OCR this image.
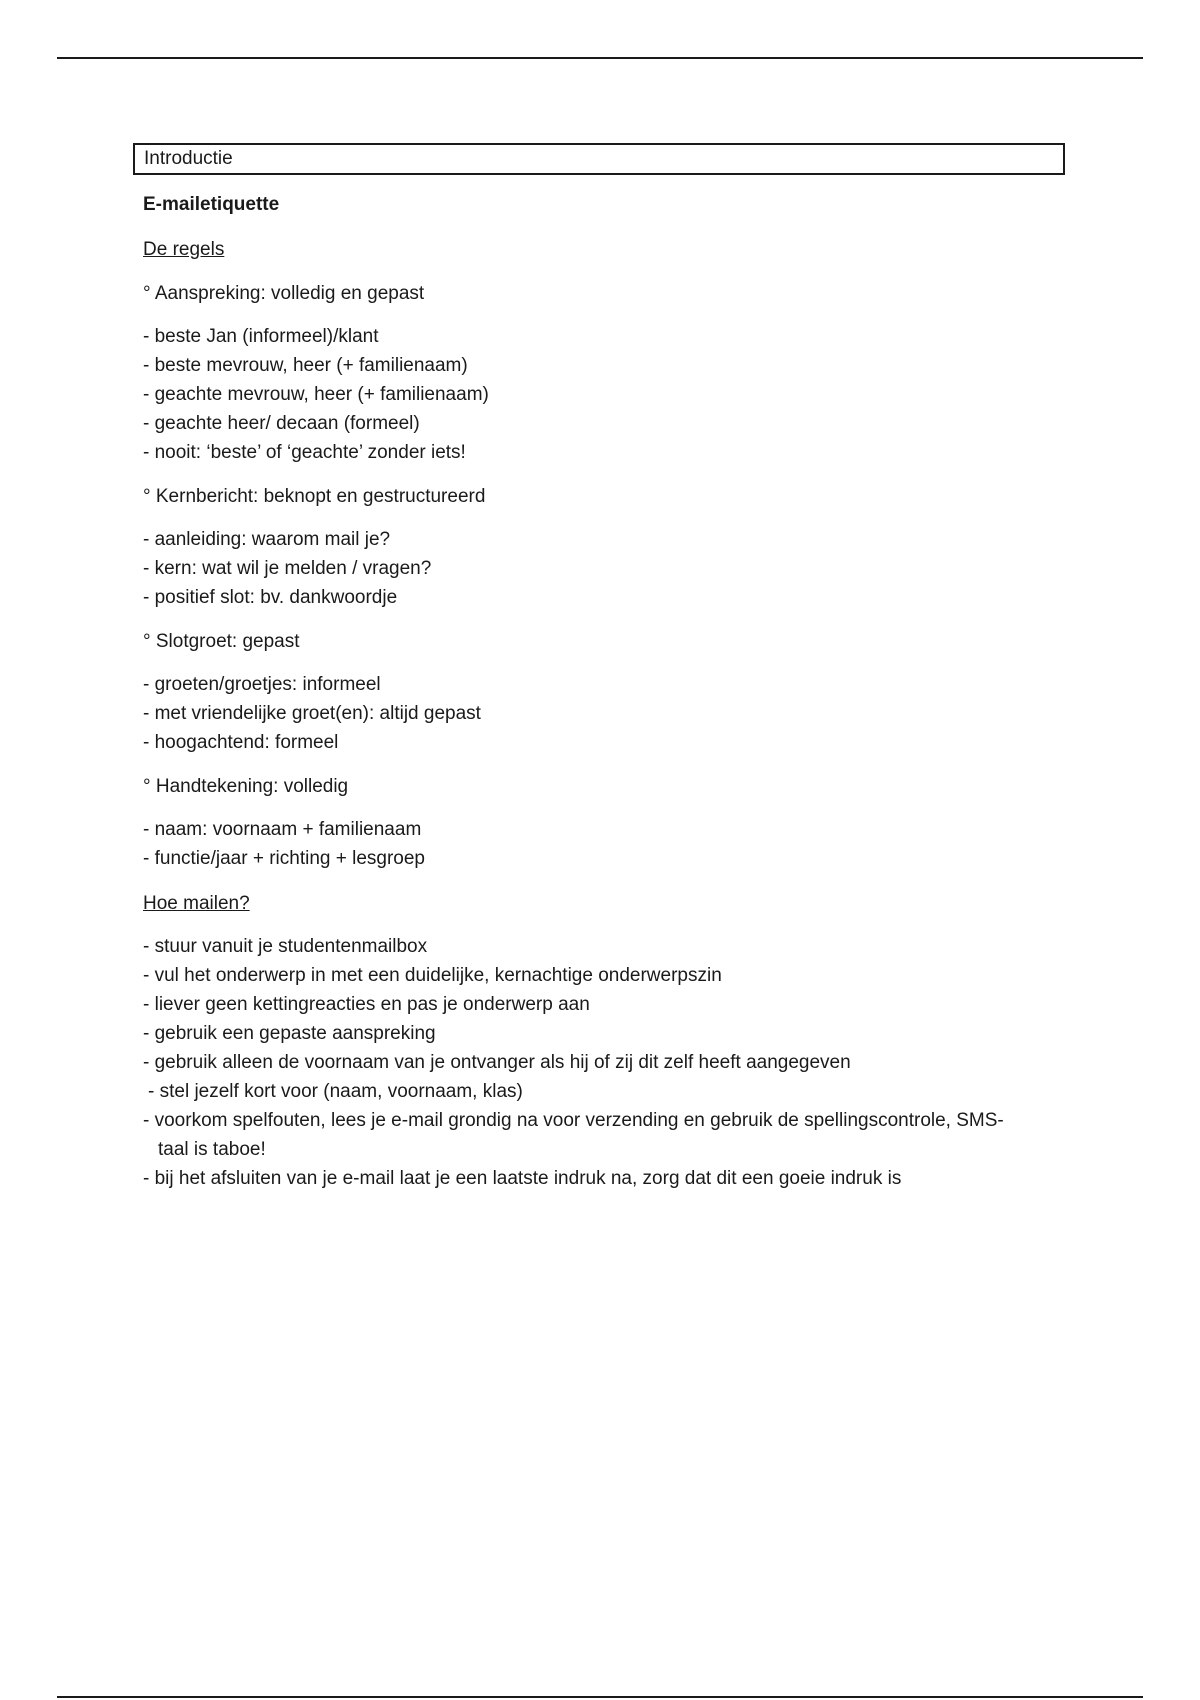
Introductie
E-mailetiquette
De regels
° Aanspreking: volledig en gepast
- beste Jan (informeel)/klant
- beste mevrouw, heer (+ familienaam)
- geachte mevrouw, heer (+ familienaam)
- geachte heer/ decaan (formeel)
- nooit: ‘beste’ of ‘geachte’ zonder iets!
° Kernbericht: beknopt en gestructureerd
- aanleiding: waarom mail je?
- kern: wat wil je melden / vragen?
- positief slot: bv. dankwoordje
° Slotgroet: gepast
- groeten/groetjes: informeel
- met vriendelijke groet(en): altijd gepast
- hoogachtend: formeel
° Handtekening: volledig
- naam: voornaam + familienaam
- functie/jaar + richting + lesgroep
Hoe mailen?
- stuur vanuit je studentenmailbox
- vul het onderwerp in met een duidelijke, kernachtige onderwerpszin
- liever geen kettingreacties en pas je onderwerp aan
- gebruik een gepaste aanspreking
- gebruik alleen de voornaam van je ontvanger als hij of zij dit zelf heeft aangegeven
- stel jezelf kort voor (naam, voornaam, klas)
- voorkom spelfouten, lees je e-mail grondig na voor verzending en gebruik de spellingscontrole, SMS-
taal is taboe!
- bij het afsluiten van je e-mail laat je een laatste indruk na, zorg dat dit een goeie indruk is
